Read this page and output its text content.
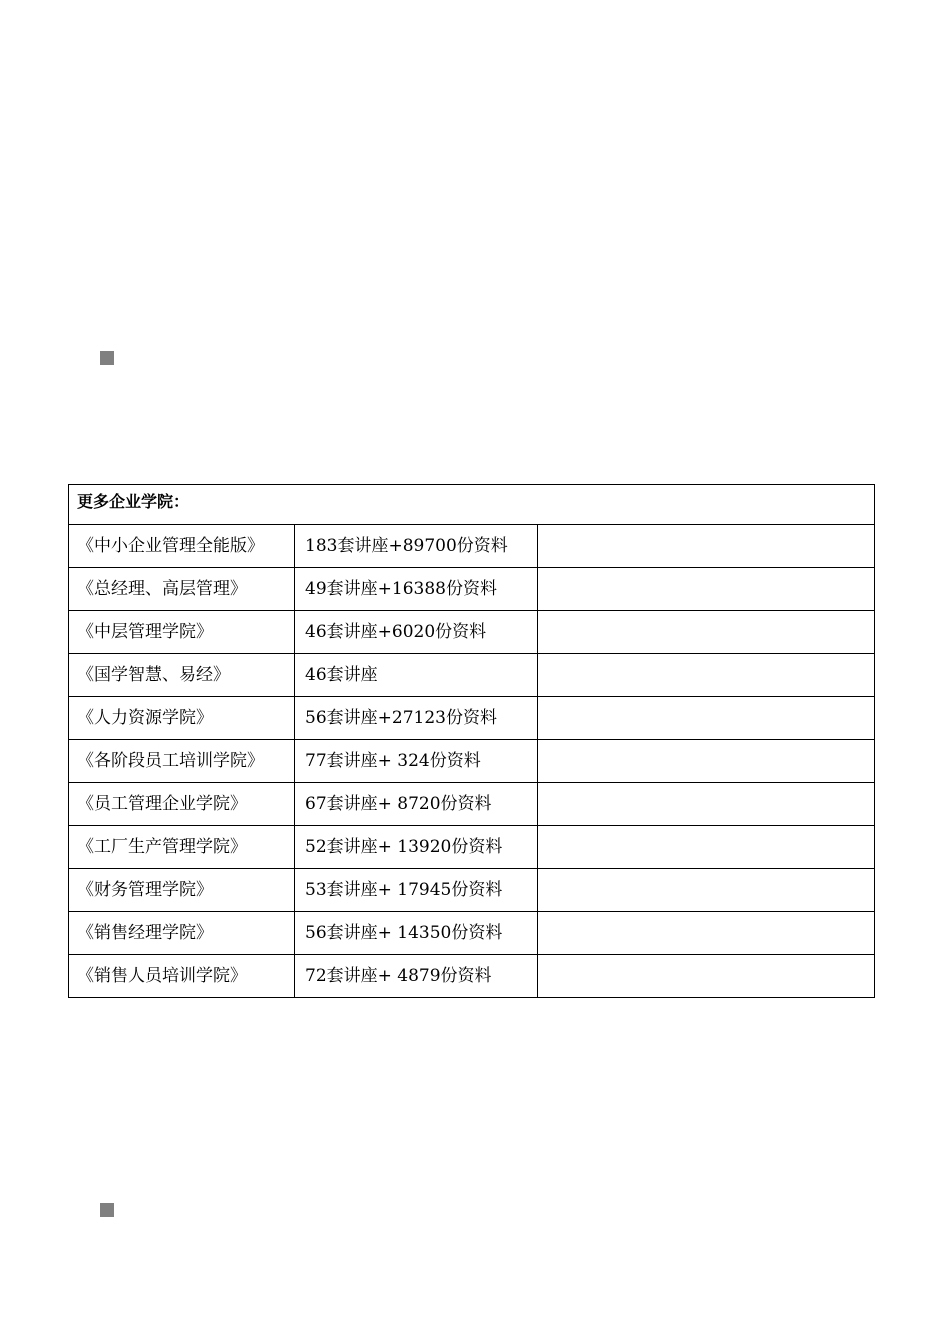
更多企业学院：		
《中小企业管理全能版》	183套讲座+89700份资料	
《总经理、高层管理》	49套讲座+16388份资料	
《中层管理学院》	46套讲座+6020份资料	
《国学智慧、易经》	46套讲座	
《人力资源学院》	56套讲座+27123份资料	
《各阶段员工培训学院》	77套讲座+ 324份资料	
《员工管理企业学院》	67套讲座+ 8720份资料	
《工厂生产管理学院》	52套讲座+ 13920份资料	
《财务管理学院》	53套讲座+ 17945份资料	
《销售经理学院》	56套讲座+ 14350份资料	
《销售人员培训学院》	72套讲座+ 4879份资料	
